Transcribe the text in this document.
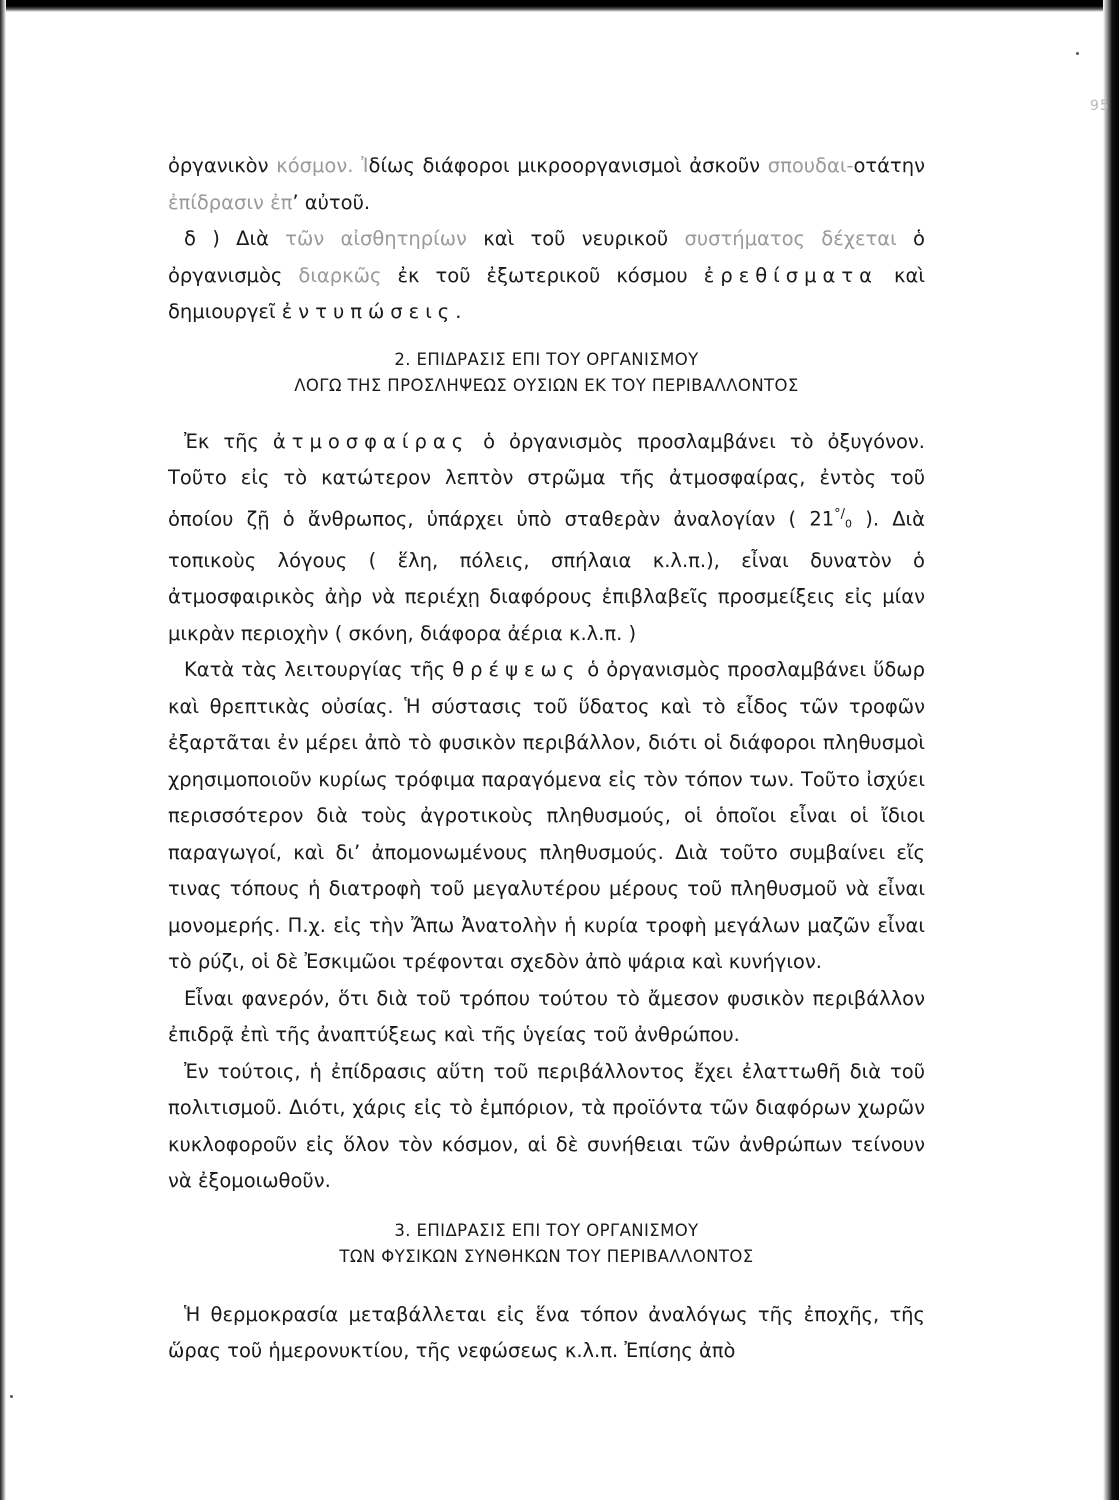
95

ὀργανικὸν κόσμον. Ἰδίως διάφοροι μικροοργανισμοὶ ἀσκοῦν σπουδαι-οτάτην ἐπίδρασιν ἐπ’ αὐτοῦ.

δ ) Διὰ τῶν αἰσθητηρίων καὶ τοῦ νευρικοῦ συστήματος δέχεται ὁ ὀργανισμὸς διαρκῶς ἐκ τοῦ ἐξωτερικοῦ κόσμου ἐρεθίσματα καὶ δημιουργεῖ ἐντυπώσεις.

2. ΕΠΙΔΡΑΣΙΣ ΕΠΙ ΤΟΥ ΟΡΓΑΝΙΣΜΟΥ
ΛΟΓΩ ΤΗΣ ΠΡΟΣΛΗΨΕΩΣ ΟΥΣΙΩΝ ΕΚ ΤΟΥ ΠΕΡΙΒΑΛΛΟΝΤΟΣ

Ἐκ τῆς ἀτμοσφαίρας ὁ ὀργανισμὸς προσλαμβάνει τὸ ὀξυγόνον. Τοῦτο εἰς τὸ κατώτερον λεπτὸν στρῶμα τῆς ἀτμοσφαίρας, ἐντὸς τοῦ ὁποίου ζῇ ὁ ἄνθρωπος, ὑπάρχει ὑπὸ σταθερὰν ἀναλογίαν ( $21^{^\circ/}_0$ ). Διὰ τοπικοὺς λόγους ( ἕλη, πόλεις, σπήλαια κ.λ.π.), εἶναι δυνατὸν ὁ ἀτμοσφαιρικὸς ἀὴρ νὰ περιέχῃ διαφόρους ἐπιβλαβεῖς προσμείξεις εἰς μίαν μικρὰν περιοχὴν ( σκόνη, διάφορα ἀέρια κ.λ.π. )

Κατὰ τὰς λειτουργίας τῆς θρέψεως ὁ ὀργανισμὸς προσλαμβάνει ὕδωρ καὶ θρεπτικὰς οὐσίας. Ἡ σύστασις τοῦ ὕδατος καὶ τὸ εἶδος τῶν τροφῶν ἐξαρτᾶται ἐν μέρει ἀπὸ τὸ φυσικὸν περιβάλλον, διότι οἱ διάφοροι πληθυσμοὶ χρησιμοποιοῦν κυρίως τρόφιμα παραγόμενα εἰς τὸν τόπον των. Τοῦτο ἰσχύει περισσότερον διὰ τοὺς ἀγροτικοὺς πληθυσμούς, οἱ ὁποῖοι εἶναι οἱ ἴδιοι παραγωγοί, καὶ δι’ ἀπομονωμένους πληθυσμούς. Διὰ τοῦτο συμβαίνει εἴς τινας τόπους ἡ διατροφὴ τοῦ μεγαλυτέρου μέρους τοῦ πληθυσμοῦ νὰ εἶναι μονομερής. Π.χ. εἰς τὴν Ἄπω Ἀνατολὴν ἡ κυρία τροφὴ μεγάλων μαζῶν εἶναι τὸ ρύζι, οἱ δὲ Ἐσκιμῶοι τρέφονται σχεδὸν ἀπὸ ψάρια καὶ κυνήγιον.

Εἶναι φανερόν, ὅτι διὰ τοῦ τρόπου τούτου τὸ ἄμεσον φυσικὸν περιβάλλον ἐπιδρᾷ ἐπὶ τῆς ἀναπτύξεως καὶ τῆς ὑγείας τοῦ ἀνθρώπου.

Ἐν τούτοις, ἡ ἐπίδρασις αὕτη τοῦ περιβάλλοντος ἔχει ἐλαττωθῆ διὰ τοῦ πολιτισμοῦ. Διότι, χάρις εἰς τὸ ἐμπόριον, τὰ προϊόντα τῶν διαφόρων χωρῶν κυκλοφοροῦν εἰς ὅλον τὸν κόσμον, αἱ δὲ συνήθειαι τῶν ἀνθρώπων τείνουν νὰ ἐξομοιωθοῦν.

3. ΕΠΙΔΡΑΣΙΣ ΕΠΙ ΤΟΥ ΟΡΓΑΝΙΣΜΟΥ
ΤΩΝ ΦΥΣΙΚΩΝ ΣΥΝΘΗΚΩΝ ΤΟΥ ΠΕΡΙΒΑΛΛΟΝΤΟΣ

Ἡ θερμοκρασία μεταβάλλεται εἰς ἕνα τόπον ἀναλόγως τῆς ἐποχῆς, τῆς ὥρας τοῦ ἡμερονυκτίου, τῆς νεφώσεως κ.λ.π. Ἐπίσης ἀπὸ
